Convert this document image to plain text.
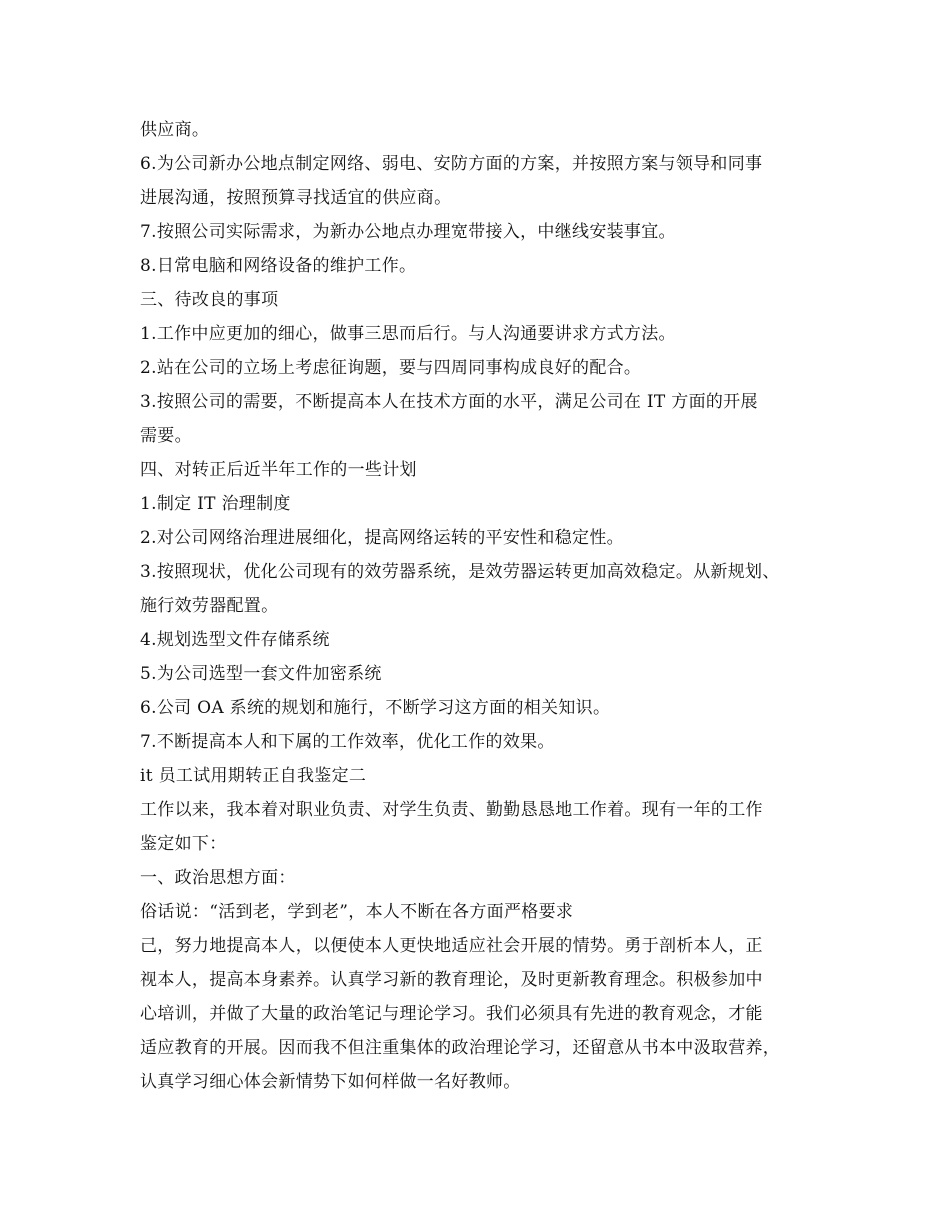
供应商。
6.为公司新办公地点制定网络、弱电、安防方面的方案，并按照方案与领导和同事
进展沟通，按照预算寻找适宜的供应商。
7.按照公司实际需求，为新办公地点办理宽带接入，中继线安装事宜。
8.日常电脑和网络设备的维护工作。
三、待改良的事项
1.工作中应更加的细心，做事三思而后行。与人沟通要讲求方式方法。
2.站在公司的立场上考虑征询题，要与四周同事构成良好的配合。
3.按照公司的需要，不断提高本人在技术方面的水平，满足公司在 IT 方面的开展
需要。
四、对转正后近半年工作的一些计划
1.制定 IT 治理制度
2.对公司网络治理进展细化，提高网络运转的平安性和稳定性。
3.按照现状，优化公司现有的效劳器系统，是效劳器运转更加高效稳定。从新规划、
施行效劳器配置。
4.规划选型文件存储系统
5.为公司选型一套文件加密系统
6.公司 OA 系统的规划和施行，不断学习这方面的相关知识。
7.不断提高本人和下属的工作效率，优化工作的效果。
it 员工试用期转正自我鉴定二
工作以来，我本着对职业负责、对学生负责、勤勤恳恳地工作着。现有一年的工作
鉴定如下：
一、政治思想方面：
俗话说：“活到老，学到老”，本人不断在各方面严格要求
己，努力地提高本人，以便使本人更快地适应社会开展的情势。勇于剖析本人，正
视本人，提高本身素养。认真学习新的教育理论，及时更新教育理念。积极参加中
心培训，并做了大量的政治笔记与理论学习。我们必须具有先进的教育观念，才能
适应教育的开展。因而我不但注重集体的政治理论学习，还留意从书本中汲取营养，
认真学习细心体会新情势下如何样做一名好教师。
